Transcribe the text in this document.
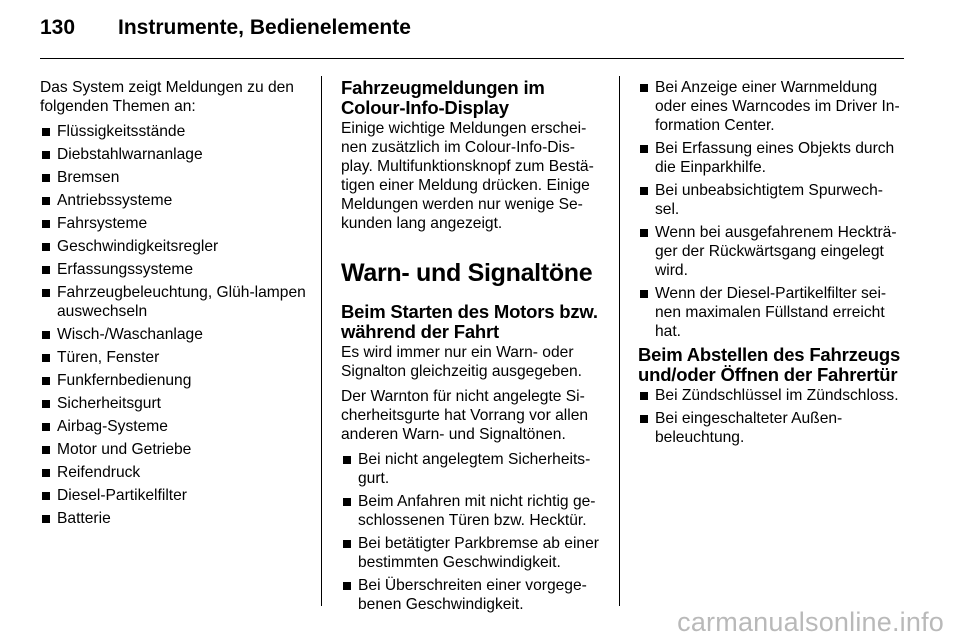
130	Instrumente, Bedienelemente

Das System zeigt Meldungen zu den folgenden Themen an:

Flüssigkeitsstände
Diebstahlwarnanlage
Bremsen
Antriebssysteme
Fahrsysteme
Geschwindigkeitsregler
Erfassungssysteme
Fahrzeugbeleuchtung, Glüh-lampen auswechseln
Wisch-/Waschanlage
Türen, Fenster
Funkfernbedienung
Sicherheitsgurt
Airbag-Systeme
Motor und Getriebe
Reifendruck
Diesel-Partikelfilter
Batterie
Fahrzeugmeldungen im Colour-Info-Display

Einige wichtige Meldungen erschei-nen zusätzlich im Colour-Info-Dis-play. Multifunktionsknopf zum Bestä-tigen einer Meldung drücken. Einige Meldungen werden nur wenige Se-kunden lang angezeigt.

Warn- und Signaltöne
Beim Starten des Motors bzw. während der Fahrt

Es wird immer nur ein Warn- oder Signalton gleichzeitig ausgegeben.

Der Warnton für nicht angelegte Si-cherheitsgurte hat Vorrang vor allen anderen Warn- und Signaltönen.

Bei nicht angelegtem Sicherheits-gurt.
Beim Anfahren mit nicht richtig ge-schlossenen Türen bzw. Hecktür.
Bei betätigter Parkbremse ab einer bestimmten Geschwindigkeit.
Bei Überschreiten einer vorgege-benen Geschwindigkeit.
Bei Anzeige einer Warnmeldung oder eines Warncodes im Driver In-formation Center.
Bei Erfassung eines Objekts durch die Einparkhilfe.
Bei unbeabsichtigtem Spurwech-sel.
Wenn bei ausgefahrenem Heckträ-ger der Rückwärtsgang eingelegt wird.
Wenn der Diesel-Partikelfilter sei-nen maximalen Füllstand erreicht hat.
Beim Abstellen des Fahrzeugs und/oder Öffnen der Fahrertür
Bei Zündschlüssel im Zündschloss.
Bei eingeschalteter Außen-beleuchtung.
carmanualsonline.info
